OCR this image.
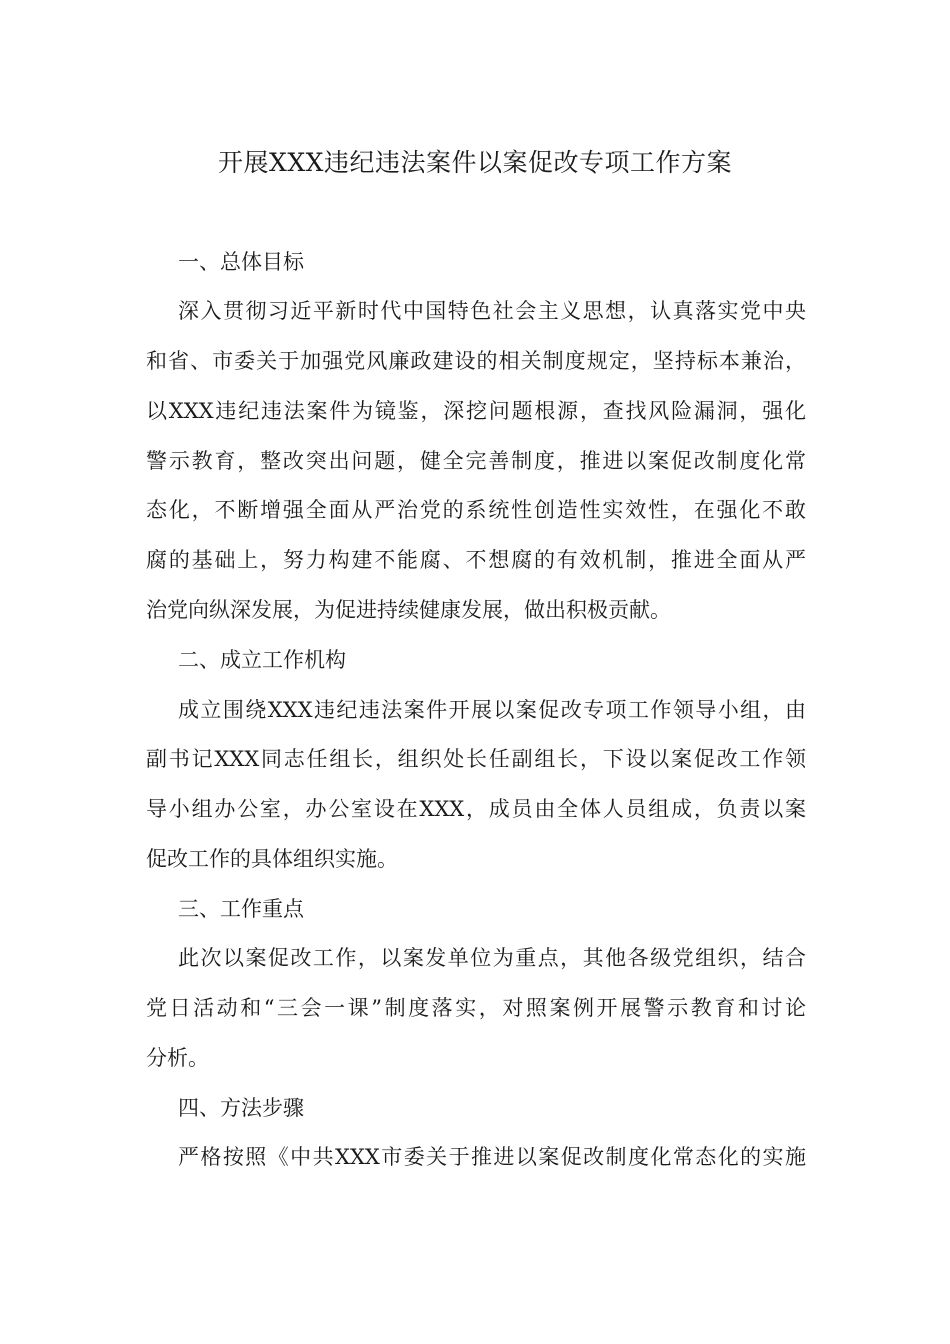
开展XXX违纪违法案件以案促改专项工作方案
一、总体目标

深入贯彻习近平新时代中国特色社会主义思想，认真落实党中央

和省、市委关于加强党风廉政建设的相关制度规定，坚持标本兼治，

以XXX违纪违法案件为镜鉴，深挖问题根源，查找风险漏洞，强化

警示教育，整改突出问题，健全完善制度，推进以案促改制度化常

态化，不断增强全面从严治党的系统性创造性实效性，在强化不敢

腐的基础上，努力构建不能腐、不想腐的有效机制，推进全面从严

治党向纵深发展，为促进持续健康发展，做出积极贡献。

二、成立工作机构

成立围绕XXX违纪违法案件开展以案促改专项工作领导小组，由

副书记XXX同志任组长，组织处长任副组长，下设以案促改工作领

导小组办公室，办公室设在XXX，成员由全体人员组成，负责以案

促改工作的具体组织实施。

三、工作重点

此次以案促改工作，以案发单位为重点，其他各级党组织，结合

党日活动和“三会一课”制度落实，对照案例开展警示教育和讨论

分析。

四、方法步骤

严格按照《中共XXX市委关于推进以案促改制度化常态化的实施
